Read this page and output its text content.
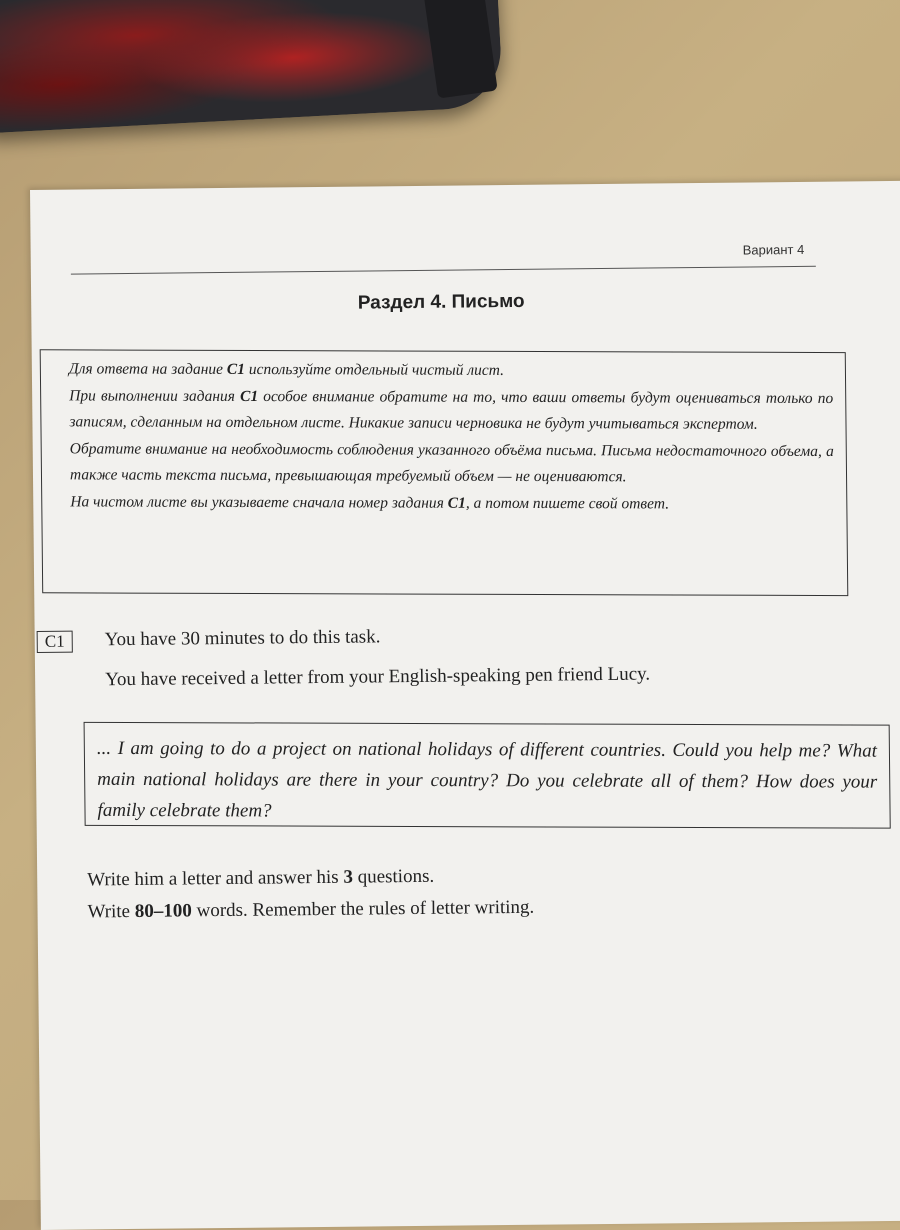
Вариант 4
Раздел 4. Письмо

Для ответа на задание С1 используйте отдельный чистый лист.

При выполнении задания С1 особое внимание обратите на то, что ваши ответы будут оцениваться только по записям, сделанным на отдельном листе. Никакие записи черновика не будут учитываться экспертом.

Обратите внимание на необходимость соблюдения указанного объёма письма. Письма недостаточного объема, а также часть текста письма, превышающая требуемый объем — не оцениваются.

На чистом листе вы указываете сначала номер задания С1, а потом пишете свой ответ.

C1	You have 30 minutes to do this task.
You have received a letter from your English-speaking pen friend Lucy.

... I am going to do a project on national holidays of different countries. Could you help me? What main national holidays are there in your country? Do you celebrate all of them? How does your family celebrate them?

Write him a letter and answer his 3 questions.
Write 80–100 words. Remember the rules of letter writing.
